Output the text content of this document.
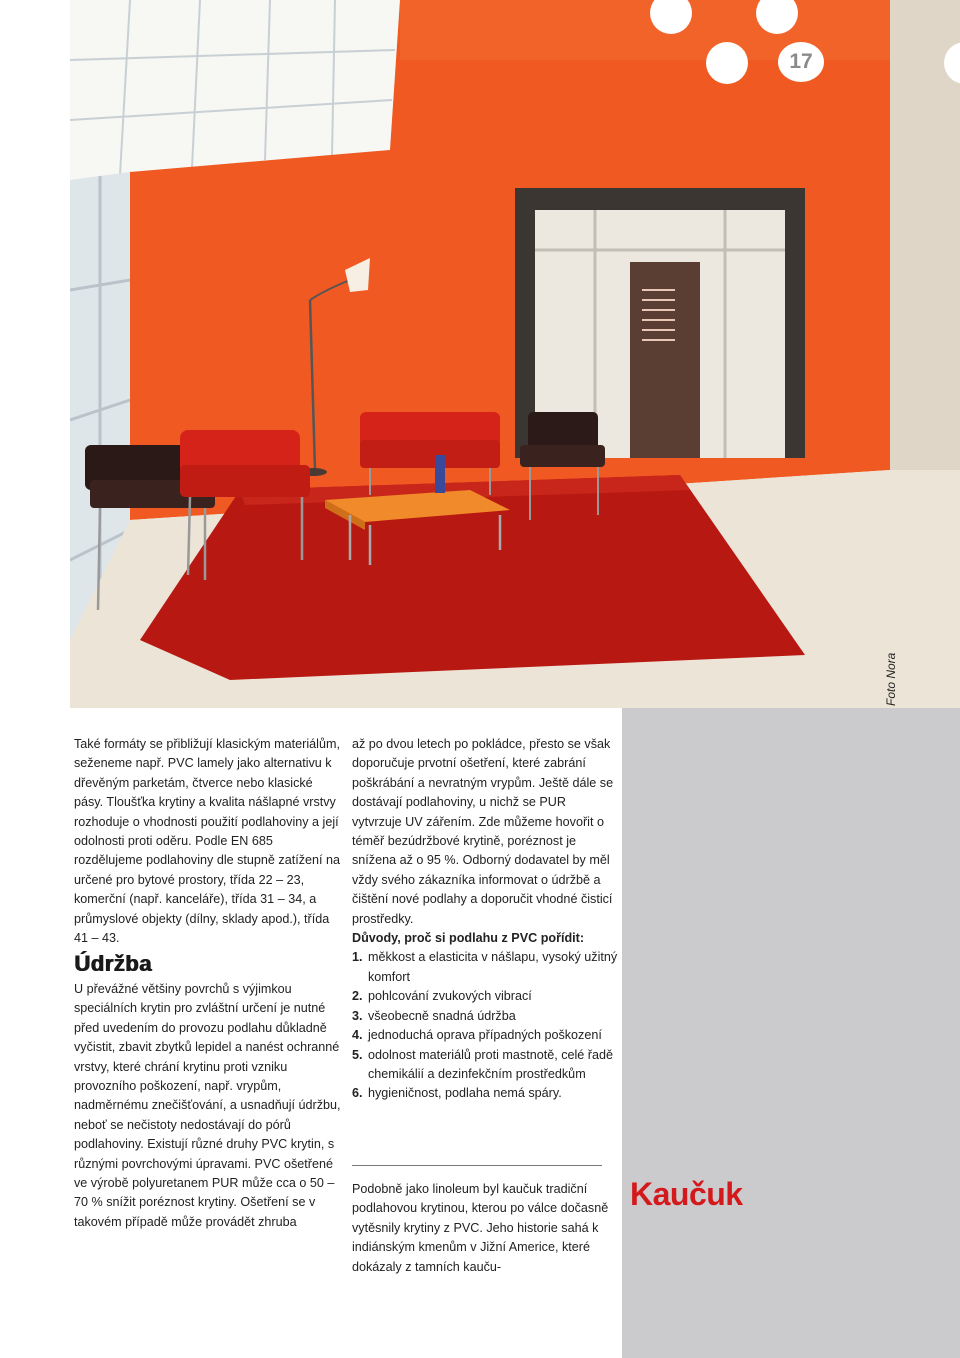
17
Foto Nora

Také formáty se přibližují klasickým materiálům, seženeme např. PVC lamely jako alternativu k dřevěným parketám, čtverce nebo klasické pásy. Tloušťka krytiny a kvalita nášlapné vrstvy rozhoduje o vhodnosti použití podlahoviny a její odolnosti proti oděru. Podle EN 685 rozdělujeme podlahoviny dle stupně zatížení na určené pro bytové prostory, třída 22 – 23, komerční (např. kanceláře), třída 31 – 34, a průmyslové objekty (dílny, sklady apod.), třída 41 – 43.

Údržba

U převážné většiny povrchů s výjimkou speciálních krytin pro zvláštní určení je nutné před uvedením do provozu podlahu důkladně vyčistit, zbavit zbytků lepidel a nanést ochranné vrstvy, které chrání krytinu proti vzniku provozního poškození, např. vrypům, nadměrnému znečišťování, a usnadňují údržbu, neboť se nečistoty nedostávají do pórů podlahoviny. Existují různé druhy PVC krytin, s různými povrchovými úpravami. PVC ošetřené ve výrobě polyuretanem PUR může cca o 50 – 70 % snížit poréznost krytiny. Ošetření se v takovém případě může provádět zhruba

až po dvou letech po pokládce, přesto se však doporučuje prvotní ošetření, které zabrání poškrábání a nevratným vrypům. Ještě dále se dostávají podlahoviny, u nichž se PUR vytvrzuje UV zářením. Zde můžeme hovořit o téměř bezúdržbové krytině, poréznost je snížena až o 95 %. Odborný dodavatel by měl vždy svého zákazníka informovat o údržbě a čištění nové podlahy a doporučit vhodné čisticí prostředky.

Důvody, proč si podlahu z PVC pořídit:

1. měkkost a elasticita v nášlapu, vysoký užitný komfort
2. pohlcování zvukových vibrací
3. všeobecně snadná údržba
4. jednoduchá oprava případných poškození
5. odolnost materiálů proti mastnotě, celé řadě chemikálií a dezinfekčním prostředkům
6. hygieničnost, podlaha nemá spáry.

Podobně jako linoleum byl kaučuk tradiční podlahovou krytinou, kterou po válce dočasně vytěsnily krytiny z PVC. Jeho historie sahá k indiánským kmenům v Jižní Americe, které dokázaly z tamních kauču-

Kaučuk
